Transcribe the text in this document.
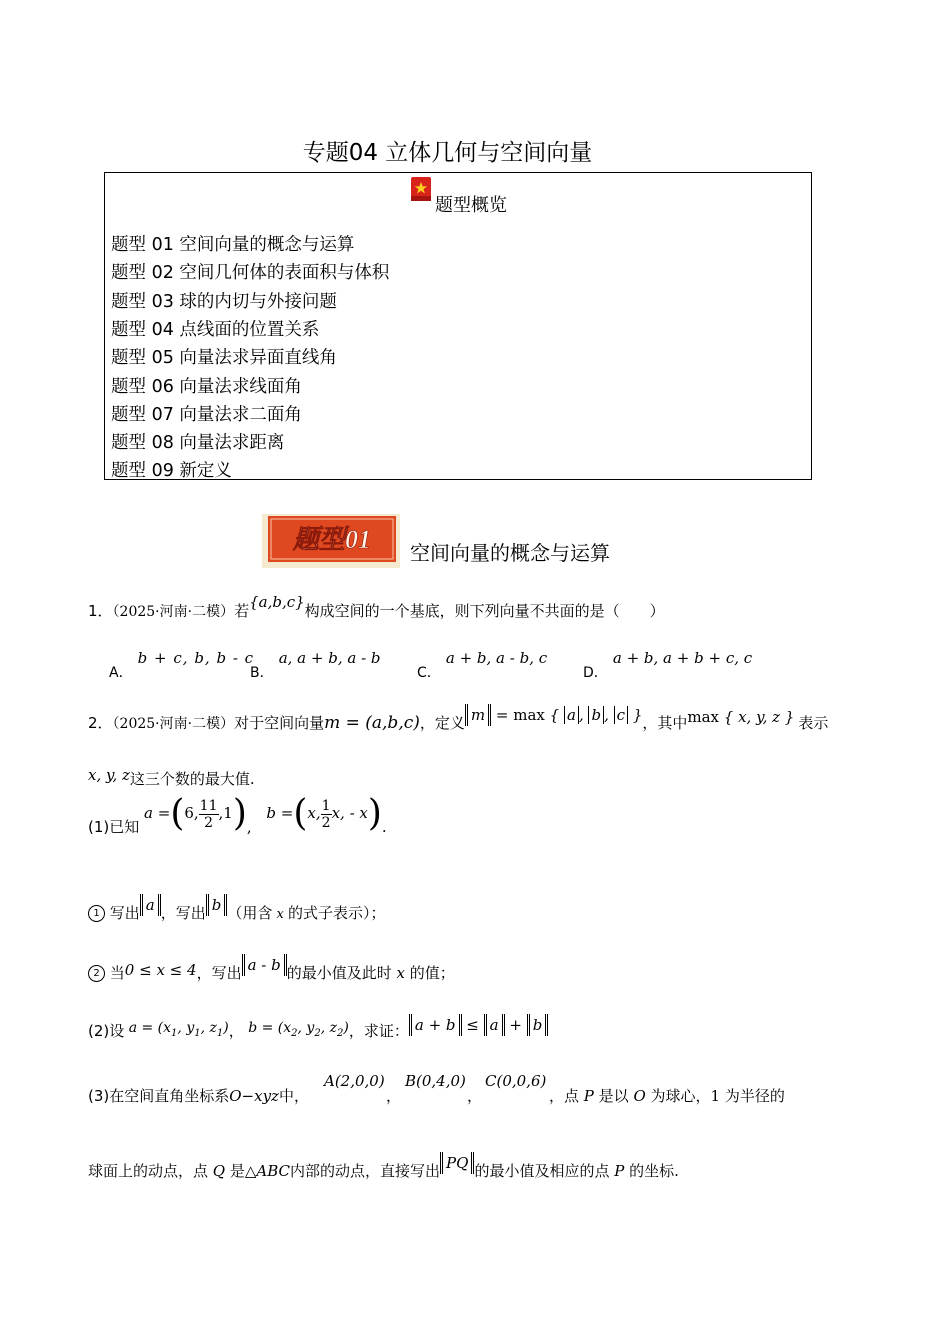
专题04 立体几何与空间向量
题型概览
题型 01 空间向量的概念与运算
题型 02 空间几何体的表面积与体积
题型 03 球的内切与外接问题
题型 04 点线面的位置关系
题型 05 向量法求异面直线角
题型 06 向量法求线面角
题型 07 向量法求二面角
题型 08 向量法求距离
题型 09 新定义
题型01 空间向量的概念与运算
1．（2025·河南·二模）若{a,b,c}构成空间的一个基底，则下列向量不共面的是（　　）
A． b + c, b, b - c
B． a, a + b, a - b
C． a + b, a - b, c
D． a + b, a + b + c, c
2．（2025·河南·二模）对于空间向量m = (a,b,c)，定义 m = max { a , b , c }，其中max { x, y, z } 表示
x, y, z这三个数的最大值.
(1)已知 a =(6, $\frac{11}{2} ,1$), b =(x, $\frac{1}{2} x$, - x).
1 写出 a ，写出 b （用含 x 的式子表示）；
2 当0 ≤ x ≤ 4，写出 a - b 的最小值及此时 x 的值；
(2)设 $a = (x_1$, $y_1$, $z_1$)， $b = (x_2$, $y_2$, $z_2$)，求证： a + b ≤ a + b
(3)在空间直角坐标系O−xyz中，
A(2,0,0)
，
B(0,4,0)
，
C(0,0,6)
，点 P 是以 O 为球心，1 为半径的
球面上的动点，点 Q 是△ABC内部的动点，直接写出 PQ 的最小值及相应的点 P 的坐标.
